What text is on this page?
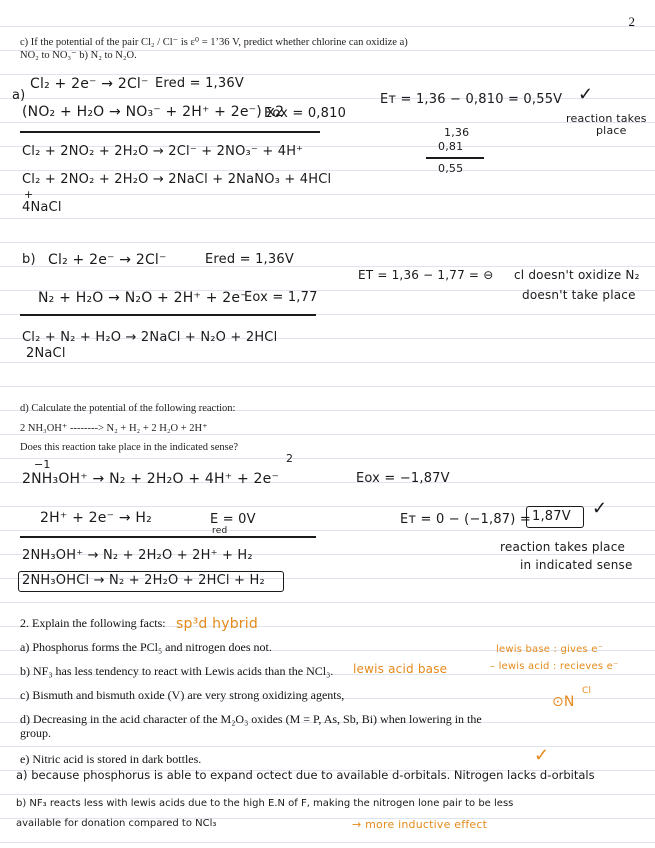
2
c) If the potential of the pair Cl₂ / Cl⁻ is ε⁰ = 1’36 V, predict whether chlorine can oxidize a)
NO₂ to NO₃⁻ b) N₂ to N₂O.
a)
Cl₂ + 2e⁻ → 2Cl⁻ Ered = 1,36V
(NO₂ + H₂O → NO₃⁻ + 2H⁺ + 2e⁻) x2
Eox = 0,810
Eᴛ = 1,36 − 0,810 = 0,55V ✓
reaction takes
place
1,36
0,81
0,55
Cl₂ + 2NO₂ + 2H₂O → 2Cl⁻ + 2NO₃⁻ + 4H⁺
Cl₂ + 2NO₂ + 2H₂O → 2NaCl + 2NaNO₃ + 4HCl
+
4NaCl
b) Cl₂ + 2e⁻ → 2Cl⁻	Ered = 1,36V
N₂ + H₂O → N₂O + 2H⁺ + 2e⁻
Eox = 1,77
ET = 1,36 − 1,77 = ⊖ cl doesn't oxidize N₂
doesn't take place
Cl₂ + N₂ + H₂O → 2NaCl + N₂O + 2HCl
2NaCl
d) Calculate the potential of the following reaction:
2 NH₃OH⁺ --------> N₂ + H₂ + 2 H₂O + 2H⁺
Does this reaction take place in the indicated sense?
−1	2
2NH₃OH⁺ → N₂ + 2H₂O + 4H⁺ + 2e⁻	Eox = −1,87V
2H⁺ + 2e⁻ → H₂	E = 0V
red
Eᴛ = 0 − (−1,87) = 1,87V ✓
reaction takes place
in indicated sense
2NH₃OH⁺ → N₂ + 2H₂O + 2H⁺ + H₂
2NH₃OHCl → N₂ + 2H₂O + 2HCl + H₂
2. Explain the following facts: sp³d hybrid
a) Phosphorus forms the PCl₅ and nitrogen does not.
b) NF₃ has less tendency to react with Lewis acids than the NCl₃. lewis acid base
lewis base : gives e⁻
– lewis acid : recieves e⁻
c) Bismuth and bismuth oxide (V) are very strong oxidizing agents,	⊙N
Cl
d) Decreasing in the acid character of the M₂O₃ oxides (M = P, As, Sb, Bi) when lowering in the
group.
e) Nitric acid is stored in dark bottles.	✓
a) because phosphorus is able to expand octect due to available d-orbitals. Nitrogen lacks d-orbitals
b) NF₃ reacts less with lewis acids due to the high E.N of F, making the nitrogen lone pair to be less
available for donation compared to NCl₃	→ more inductive effect
